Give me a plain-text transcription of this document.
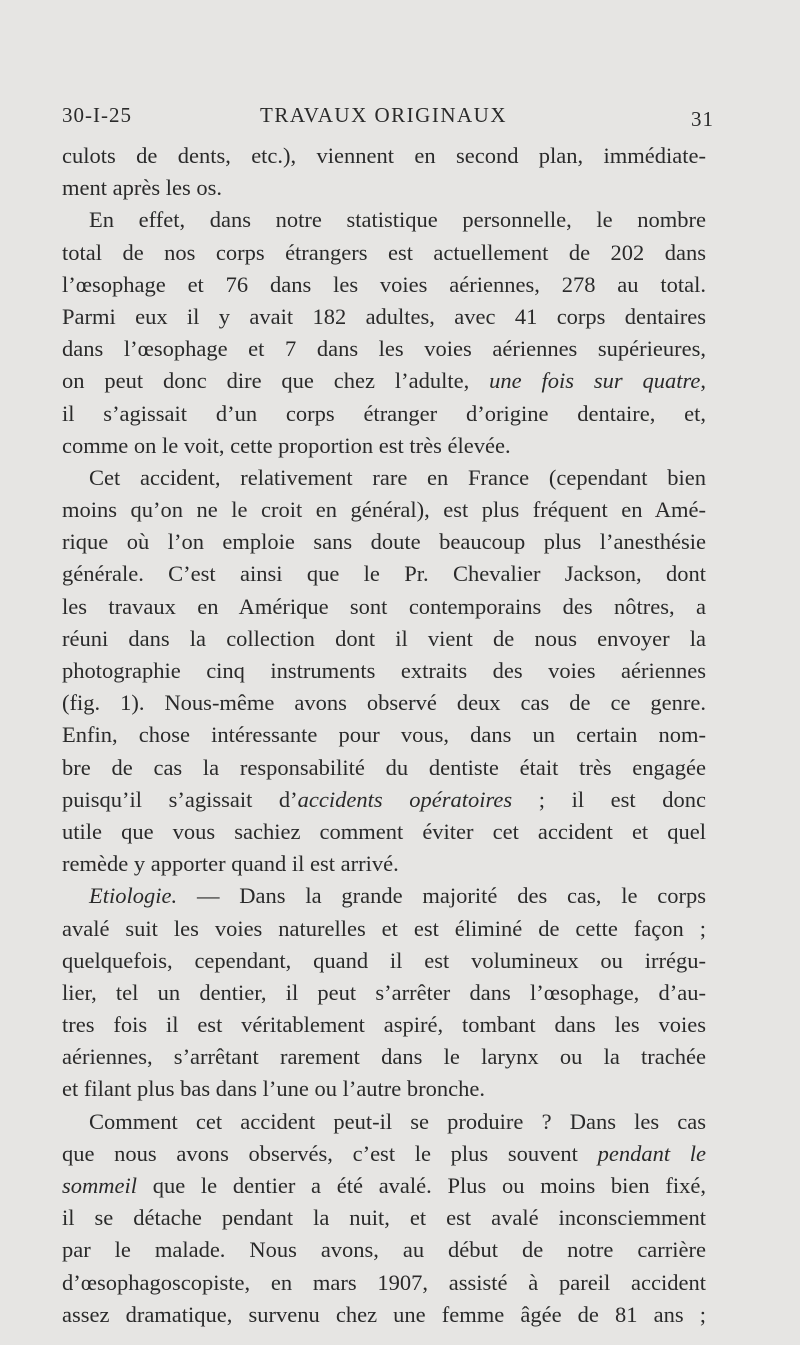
30-I-25	TRAVAUX ORIGINAUX	31
culots de dents, etc.), viennent en second plan, immédiate-
ment après les os.
En effet, dans notre statistique personnelle, le nombre
total de nos corps étrangers est actuellement de 202 dans
l’œsophage et 76 dans les voies aériennes, 278 au total.
Parmi eux il y avait 182 adultes, avec 41 corps dentaires
dans l’œsophage et 7 dans les voies aériennes supérieures,
on peut donc dire que chez l’adulte, une fois sur quatre,
il s’agissait d’un corps étranger d’origine dentaire, et,
comme on le voit, cette proportion est très élevée.
Cet accident, relativement rare en France (cependant bien
moins qu’on ne le croit en général), est plus fréquent en Amé-
rique où l’on emploie sans doute beaucoup plus l’anesthésie
générale. C’est ainsi que le Pr. Chevalier Jackson, dont
les travaux en Amérique sont contemporains des nôtres, a
réuni dans la collection dont il vient de nous envoyer la
photographie cinq instruments extraits des voies aériennes
(fig. 1). Nous-même avons observé deux cas de ce genre.
Enfin, chose intéressante pour vous, dans un certain nom-
bre de cas la responsabilité du dentiste était très engagée
puisqu’il s’agissait d’accidents opératoires ; il est donc
utile que vous sachiez comment éviter cet accident et quel
remède y apporter quand il est arrivé.
Etiologie. — Dans la grande majorité des cas, le corps
avalé suit les voies naturelles et est éliminé de cette façon ;
quelquefois, cependant, quand il est volumineux ou irrégu-
lier, tel un dentier, il peut s’arrêter dans l’œsophage, d’au-
tres fois il est véritablement aspiré, tombant dans les voies
aériennes, s’arrêtant rarement dans le larynx ou la trachée
et filant plus bas dans l’une ou l’autre bronche.
Comment cet accident peut-il se produire ? Dans les cas
que nous avons observés, c’est le plus souvent pendant le
sommeil que le dentier a été avalé. Plus ou moins bien fixé,
il se détache pendant la nuit, et est avalé inconsciemment
par le malade. Nous avons, au début de notre carrière
d’œsophagoscopiste, en mars 1907, assisté à pareil accident
assez dramatique, survenu chez une femme âgée de 81 ans ;
